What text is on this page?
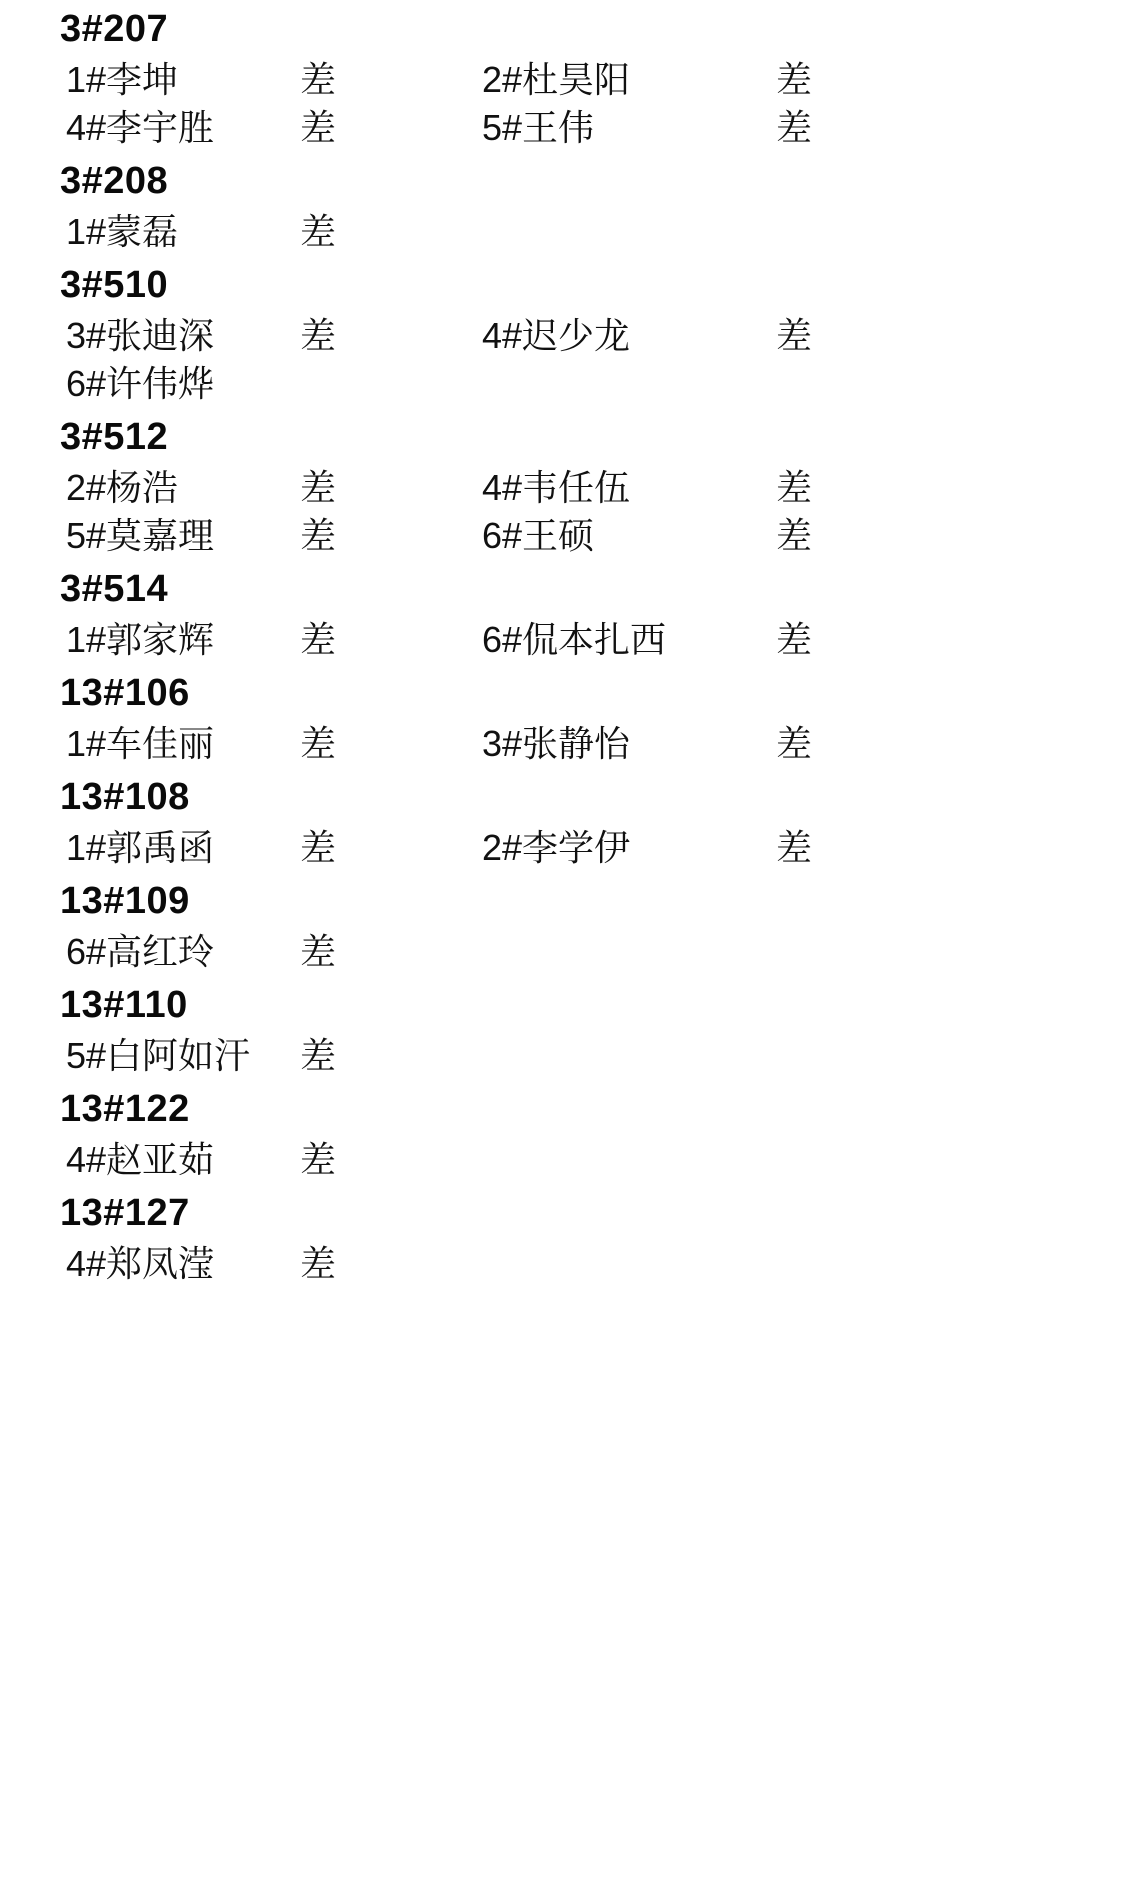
3#207
1#李坤	差	2#杜昊阳	差
4#李宇胜	差	5#王伟	差
3#208
1#蒙磊	差
3#510
3#张迪深	差	4#迟少龙	差
6#许伟烨
3#512
2#杨浩	差	4#韦任伍	差
5#莫嘉理	差	6#王硕	差
3#514
1#郭家辉	差	6#侃本扎西	差
13#106
1#车佳丽	差	3#张静怡	差
13#108
1#郭禹函	差	2#李学伊	差
13#109
6#高红玲	差
13#110
5#白阿如汗	差
13#122
4#赵亚茹	差
13#127
4#郑凤滢	差
